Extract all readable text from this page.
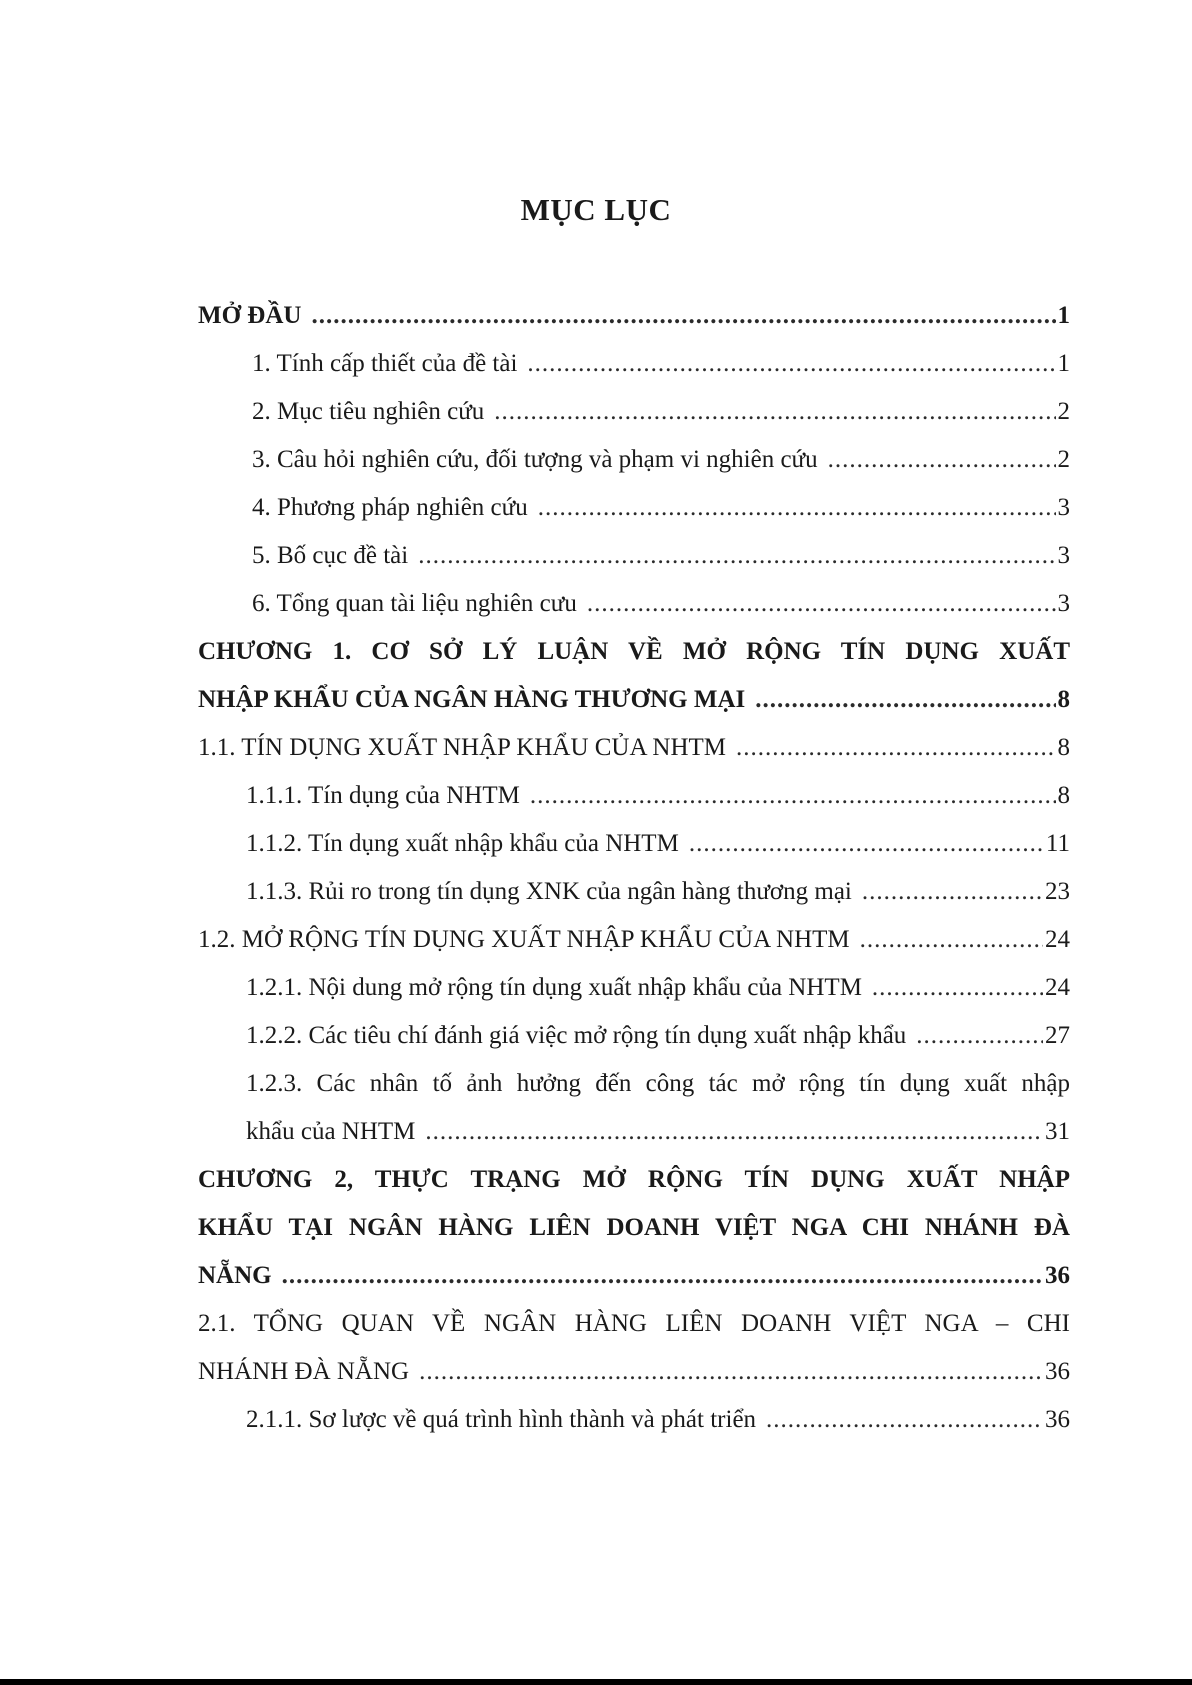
MỤC LỤC
MỞ ĐẦU .....	1
1. Tính cấp thiết của đề tài .....	1
2. Mục tiêu nghiên cứu .....	2
3. Câu hỏi nghiên cứu, đối tượng và phạm vi nghiên cứu .....	2
4. Phương pháp nghiên cứu .....	3
5. Bố cục đề tài .....	3
6. Tổng quan tài liệu nghiên cưu .....	3
CHƯƠNG 1. CƠ SỞ LÝ LUẬN VỀ MỞ RỘNG TÍN DỤNG XUẤT
NHẬP KHẨU CỦA NGÂN HÀNG THƯƠNG MẠI .....	8
1.1. TÍN DỤNG XUẤT NHẬP KHẨU CỦA NHTM .....	8
1.1.1. Tín dụng của NHTM .....	8
1.1.2. Tín dụng xuất nhập khẩu của NHTM .....	11
1.1.3. Rủi ro trong tín dụng XNK của ngân hàng thương mại .....	23
1.2. MỞ RỘNG TÍN DỤNG XUẤT NHẬP KHẨU CỦA NHTM .....	24
1.2.1. Nội dung mở rộng tín dụng xuất nhập khẩu của NHTM .....	24
1.2.2. Các tiêu chí đánh giá việc mở rộng tín dụng xuất nhập khẩu .....	27
1.2.3. Các nhân tố ảnh hưởng đến công tác mở rộng tín dụng xuất nhập
khẩu của NHTM .....	31
CHƯƠNG 2, THỰC TRẠNG MỞ RỘNG TÍN DỤNG XUẤT NHẬP
KHẨU TẠI NGÂN HÀNG LIÊN DOANH VIỆT NGA CHI NHÁNH ĐÀ
NẴNG .....	36
2.1. TỔNG QUAN VỀ NGÂN HÀNG LIÊN DOANH VIỆT NGA – CHI
NHÁNH ĐÀ NẴNG .....	36
2.1.1. Sơ lược về quá trình hình thành và phát triển .....	36
